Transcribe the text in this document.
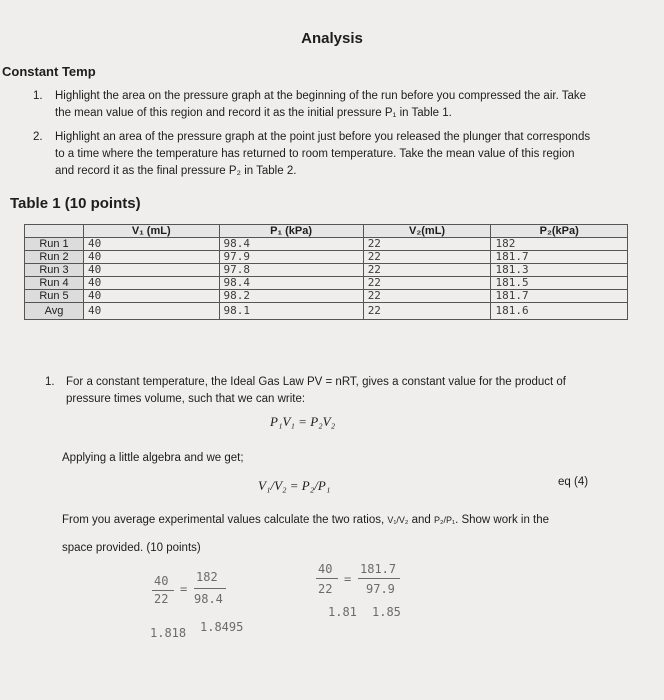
Analysis
Constant Temp
1. Highlight the area on the pressure graph at the beginning of the run before you compressed the air. Take the mean value of this region and record it as the initial pressure P₁ in Table 1.
2. Highlight an area of the pressure graph at the point just before you released the plunger that corresponds to a time where the temperature has returned to room temperature. Take the mean value of this region and record it as the final pressure P₂ in Table 2.
Table 1 (10 points)
	V₁ (mL)	P₁ (kPa)	V₂(mL)	P₂(kPa)
Run 1	40	98.4	22	182
Run 2	40	97.9	22	181.7
Run 3	40	97.8	22	181.3
Run 4	40	98.4	22	181.5
Run 5	40	98.2	22	181.7
Avg	40	98.1	22	181.6
1. For a constant temperature, the Ideal Gas Law PV = nRT, gives a constant value for the product of pressure times volume, such that we can write:
P₁V₁ = P₂V₂
Applying a little algebra and we get;
V₁/V₂ = P₂/P₁	eq (4)
From you average experimental values calculate the two ratios, V₁/V₂ and P₂/P₁. Show work in the
space provided. (10 points)
40
22
=
182
98.4
1.818 1.8495
40
22
=
181.7
97.9
1.81 1.85
